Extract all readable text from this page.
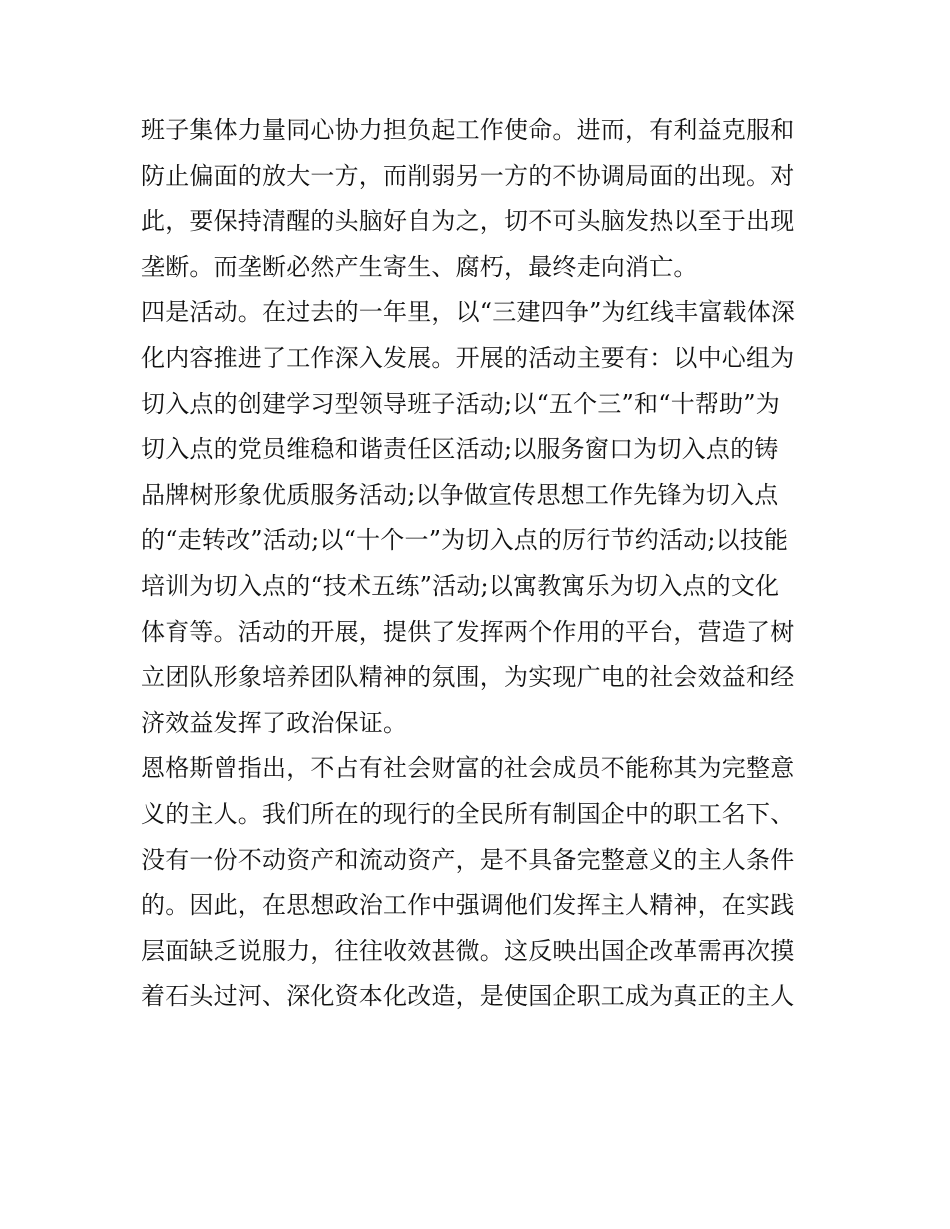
班子集体力量同心协力担负起工作使命。进而，有利益克服和
防止偏面的放大一方，而削弱另一方的不协调局面的出现。对
此，要保持清醒的头脑好自为之，切不可头脑发热以至于出现
垄断。而垄断必然产生寄生、腐朽，最终走向消亡。
四是活动。在过去的一年里，以“三建四争”为红线丰富载体深
化内容推进了工作深入发展。开展的活动主要有：以中心组为
切入点的创建学习型领导班子活动;以“五个三”和“十帮助”为
切入点的党员维稳和谐责任区活动;以服务窗口为切入点的铸
品牌树形象优质服务活动;以争做宣传思想工作先锋为切入点
的“走转改”活动;以“十个一”为切入点的厉行节约活动;以技能
培训为切入点的“技术五练”活动;以寓教寓乐为切入点的文化
体育等。活动的开展，提供了发挥两个作用的平台，营造了树
立团队形象培养团队精神的氛围，为实现广电的社会效益和经
济效益发挥了政治保证。
恩格斯曾指出，不占有社会财富的社会成员不能称其为完整意
义的主人。我们所在的现行的全民所有制国企中的职工名下、
没有一份不动资产和流动资产，是不具备完整意义的主人条件
的。因此，在思想政治工作中强调他们发挥主人精神，在实践
层面缺乏说服力，往往收效甚微。这反映出国企改革需再次摸
着石头过河、深化资本化改造，是使国企职工成为真正的主人
